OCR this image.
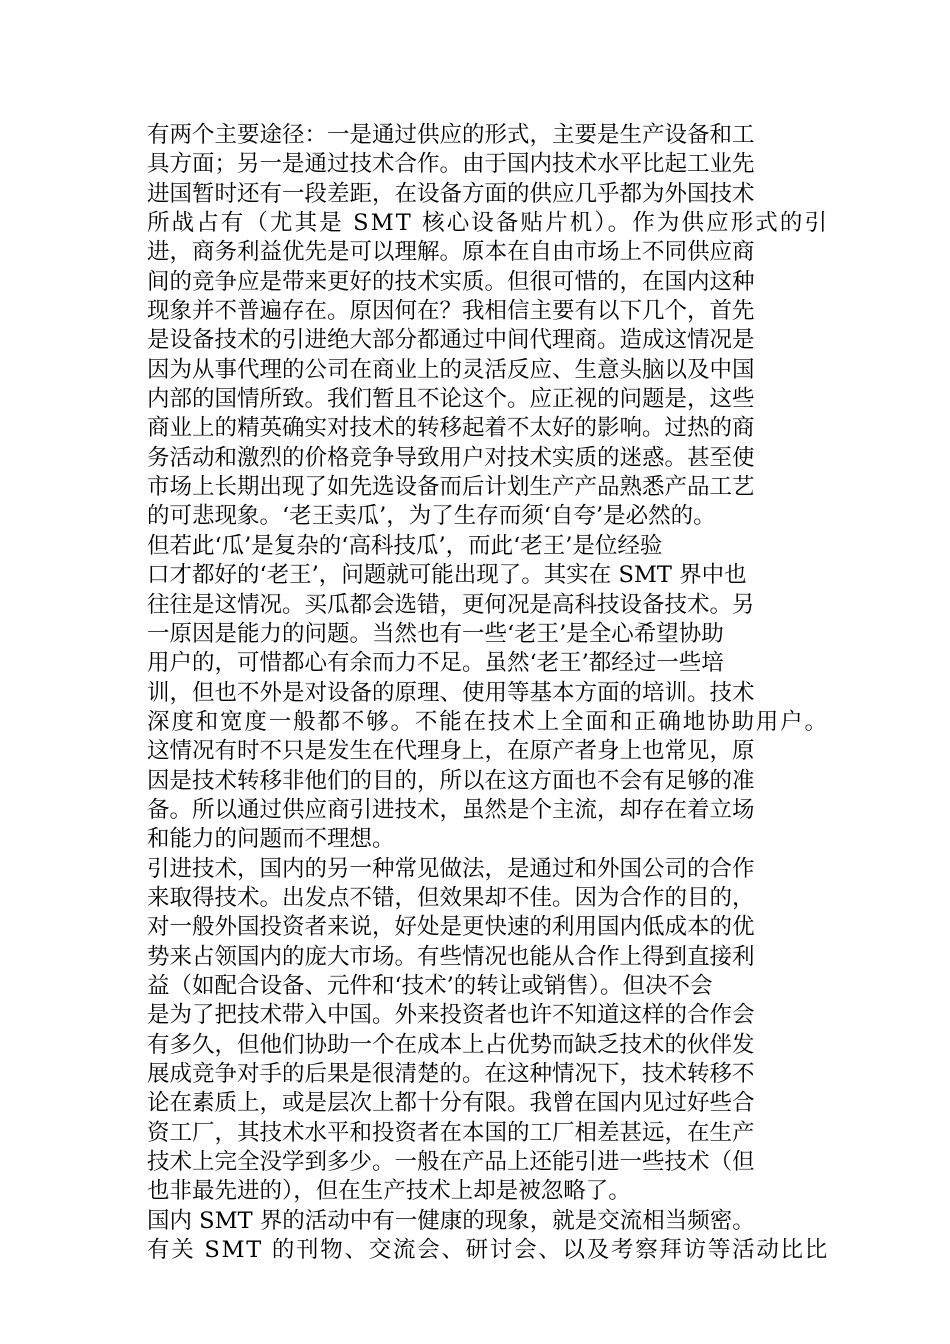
有两个主要途径：一是通过供应的形式，主要是生产设备和工
具方面；另一是通过技术合作。由于国内技术水平比起工业先
进国暂时还有一段差距，在设备方面的供应几乎都为外国技术
所战占有（尤其是 SMT 核心设备贴片机）。作为供应形式的引
进，商务利益优先是可以理解。原本在自由市场上不同供应商
间的竞争应是带来更好的技术实质。但很可惜的，在国内这种
现象并不普遍存在。原因何在？我相信主要有以下几个，首先
是设备技术的引进绝大部分都通过中间代理商。造成这情况是
因为从事代理的公司在商业上的灵活反应、生意头脑以及中国
内部的国情所致。我们暂且不论这个。应正视的问题是，这些
商业上的精英确实对技术的转移起着不太好的影响。过热的商
务活动和激烈的价格竞争导致用户对技术实质的迷惑。甚至使
市场上长期出现了如先选设备而后计划生产产品熟悉产品工艺
的可悲现象。‘老王卖瓜’，为了生存而须‘自夸’是必然的。
但若此‘瓜’是复杂的‘高科技瓜’，而此‘老王’是位经验
口才都好的‘老王’，问题就可能出现了。其实在 SMT 界中也
往往是这情况。买瓜都会选错，更何况是高科技设备技术。另
一原因是能力的问题。当然也有一些‘老王’是全心希望协助
用户的，可惜都心有余而力不足。虽然‘老王’都经过一些培
训，但也不外是对设备的原理、使用等基本方面的培训。技术
深度和宽度一般都不够。不能在技术上全面和正确地协助用户。
这情况有时不只是发生在代理身上，在原产者身上也常见，原
因是技术转移非他们的目的，所以在这方面也不会有足够的准
备。所以通过供应商引进技术，虽然是个主流，却存在着立场
和能力的问题而不理想。
引进技术，国内的另一种常见做法，是通过和外国公司的合作
来取得技术。出发点不错，但效果却不佳。因为合作的目的，
对一般外国投资者来说，好处是更快速的利用国内低成本的优
势来占领国内的庞大市场。有些情况也能从合作上得到直接利
益（如配合设备、元件和‘技术’的转让或销售）。但决不会
是为了把技术带入中国。外来投资者也许不知道这样的合作会
有多久，但他们协助一个在成本上占优势而缺乏技术的伙伴发
展成竞争对手的后果是很清楚的。在这种情况下，技术转移不
论在素质上，或是层次上都十分有限。我曾在国内见过好些合
资工厂，其技术水平和投资者在本国的工厂相差甚远，在生产
技术上完全没学到多少。一般在产品上还能引进一些技术（但
也非最先进的），但在生产技术上却是被忽略了。
国内 SMT 界的活动中有一健康的现象，就是交流相当频密。
有关 SMT 的刊物、交流会、研讨会、以及考察拜访等活动比比
